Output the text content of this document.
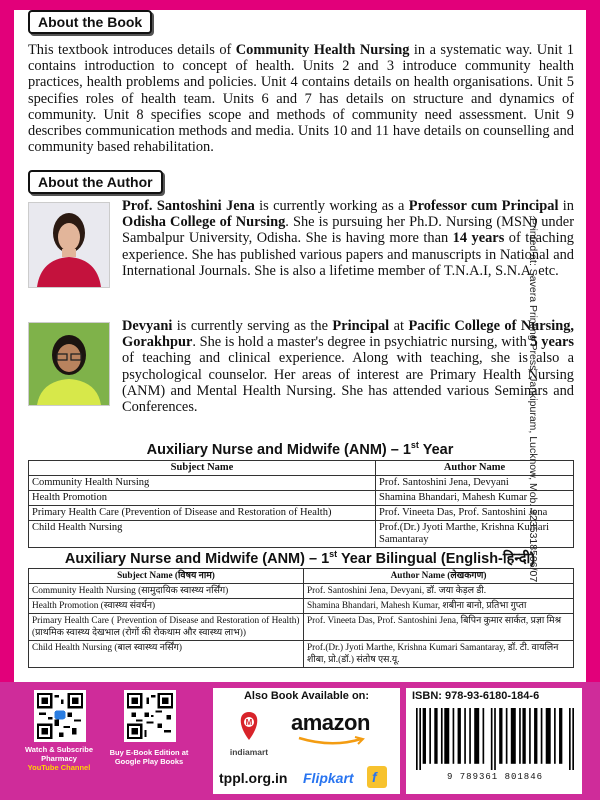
About the Book
This textbook introduces details of Community Health Nursing in a systematic way. Unit 1 contains introduction to concept of health. Units 2 and 3 introduce community health practices, health problems and policies. Unit 4 contains details on health organisations. Unit 5 specifies roles of health team. Units 6 and 7 has details on structure and dynamics of community. Unit 8 specifies scope and methods of community need assessment. Unit 9 describes communication methods and media. Units 10 and 11 have details on counselling and community based rehabilitation.
About the Author
Prof. Santoshini Jena is currently working as a Professor cum Principal in Odisha College of Nursing. She is pursuing her Ph.D. Nursing (MSN) under Sambalpur University, Odisha. She is having more than 14 years of teaching experience. She has published various papers and manuscripts in National and International Journals. She is also a lifetime member of T.N.A.I, S.N.A, etc.
Devyani is currently serving as the Principal at Pacific College of Nursing, Gorakhpur. She is hold a master's degree in psychiatric nursing, with 5 years of teaching and clinical experience. Along with teaching, she is also a psychological counselor. Her areas of interest are Primary Health Nursing (ANM) and Mental Health Nursing. She has attended various Seminars and Conferences.
Auxiliary Nurse and Midwife (ANM) – 1st Year
Subject Name	Author Name
Community Health Nursing	Prof. Santoshini Jena, Devyani
Health Promotion	Shamina Bhandari, Mahesh Kumar
Primary Health Care (Prevention of Disease and Restoration of Health)	Prof. Vineeta Das, Prof. Santoshini Jena
Child Health Nursing	Prof.(Dr.) Jyoti Marthe, Krishna Kumari Samantaray
Auxiliary Nurse and Midwife (ANM) – 1st Year Bilingual (English-हिन्दी)
Subject Name (विषय नाम)	Author Name (लेखकगण)
Community Health Nursing (सामुदायिक स्वास्थ्य नर्सिंग)	Prof. Santoshini Jena, Devyani, डॉ. जया केड़ल डी.
Health Promotion (स्वास्थ्य संवर्धन)	Shamina Bhandari, Mahesh Kumar, शबीना बानो, प्रतिभा गुप्ता
Primary Health Care ( Prevention of Disease and Restoration of Health) (प्राथमिक स्वास्थ्य देखभाल (रोगों की रोकथाम और स्वास्थ्य लाभ))	Prof. Vineeta Das, Prof. Santoshini Jena, बिपिन कुमार सार्कत, प्रज्ञा मिश्र
Child Health Nursing (बाल स्वास्थ्य नर्सिंग)	Prof.(Dr.) Jyoti Marthe, Krishna Kumari Samantaray, डॉ. टी. वायलिन शीबा, प्रो.(डॉ.) संतोष एस.यू.
Printed at: Savera Printing Press, Jankipuram, Lucknow, Mob. 9235318506/07
Watch & Subscribe
Pharmacy
YouTube Channel
Buy E-Book Edition at
Google Play Books
Also Book Available on:
M
indiamart
amazon
tppl.org.in Flipkart f
ISBN: 978-93-6180-184-6
9 789361 801846
